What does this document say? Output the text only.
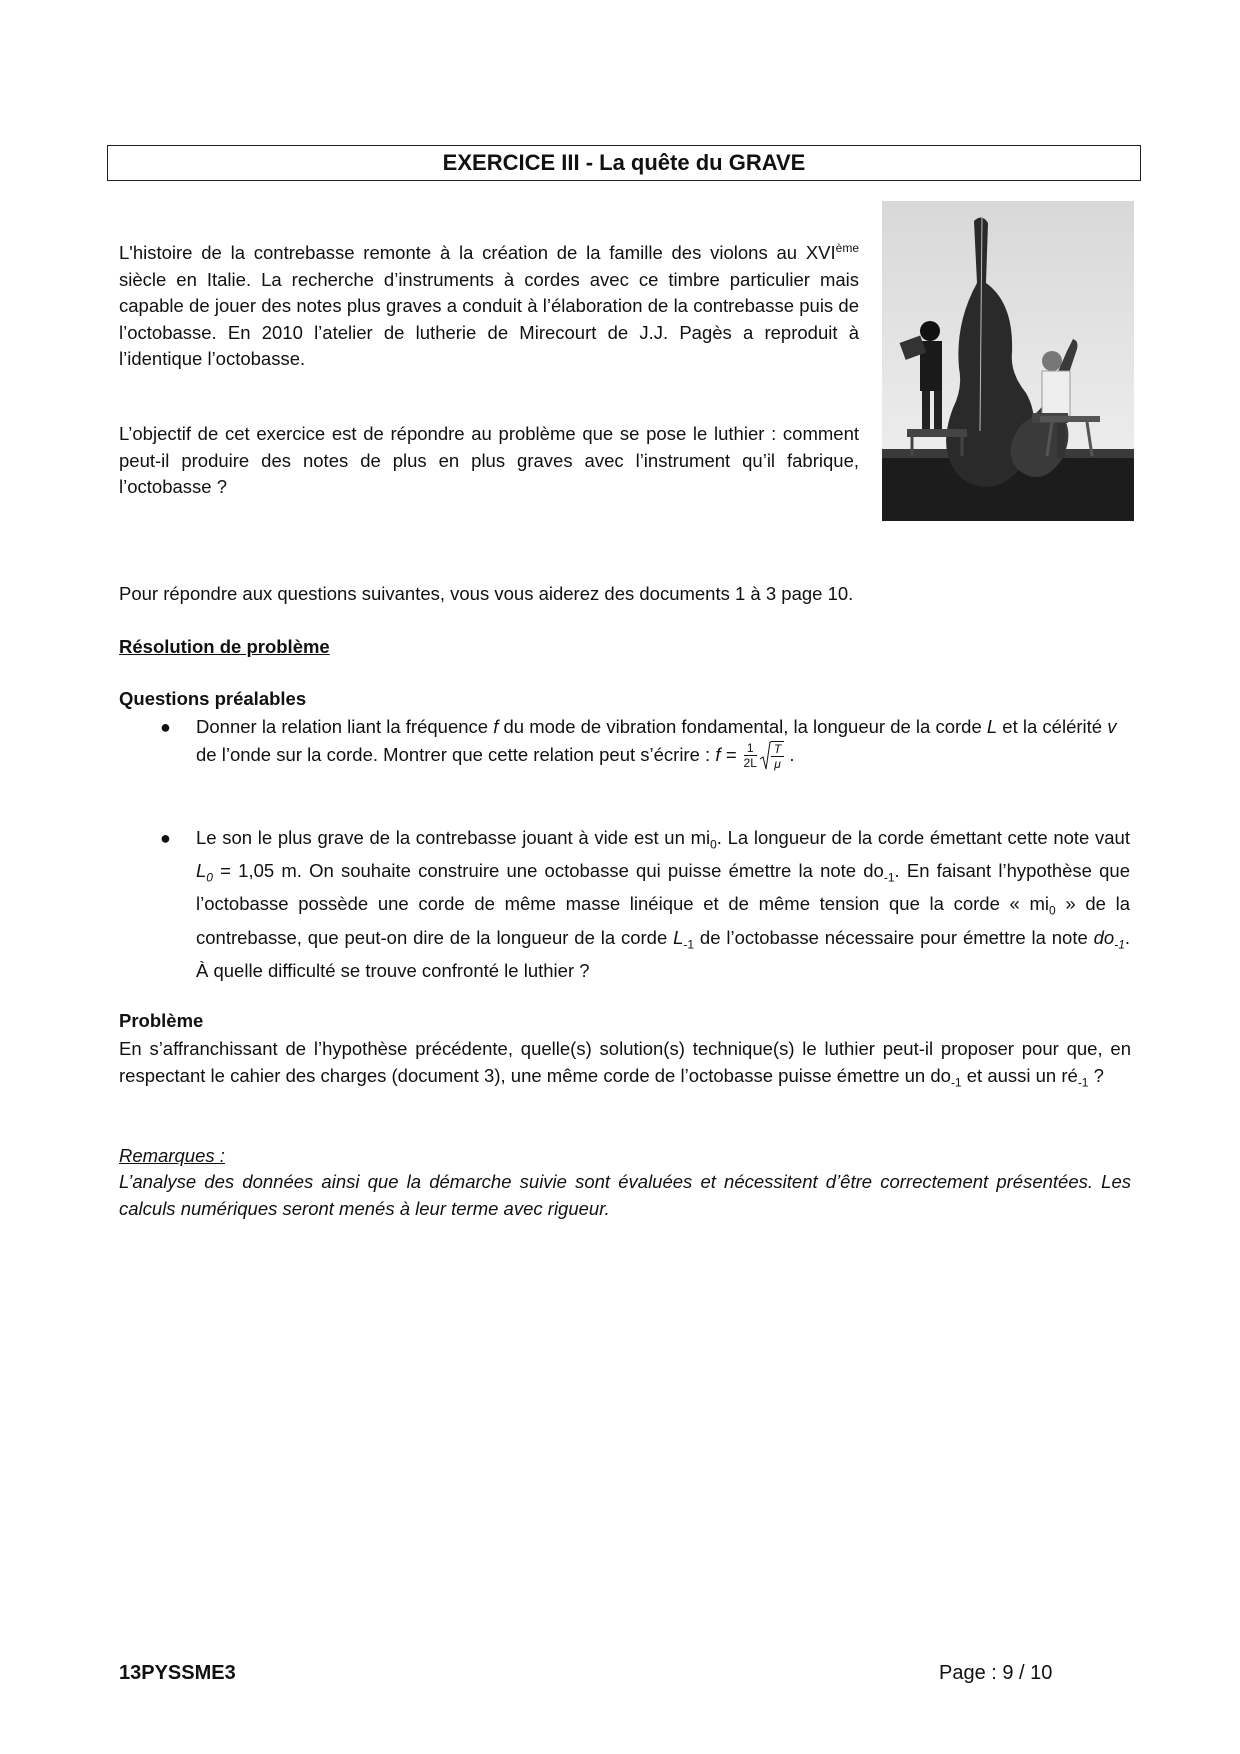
EXERCICE III - La quête du GRAVE

L'histoire de la contrebasse remonte à la création de la famille des violons au XVIème siècle en Italie. La recherche d’instruments à cordes avec ce timbre particulier mais capable de jouer des notes plus graves a conduit à l’élaboration de la contrebasse puis de l’octobasse. En 2010 l’atelier de lutherie de Mirecourt de J.J. Pagès a reproduit à l’identique l’octobasse.

L’objectif de cet exercice est de répondre au problème que se pose le luthier : comment peut-il produire des notes de plus en plus graves avec l’instrument qu’il fabrique, l’octobasse ?

Pour répondre aux questions suivantes, vous vous aiderez des documents 1 à 3 page 10.

Résolution de problème

Questions préalables

● Donner la relation liant la fréquence f du mode de vibration fondamental, la longueur de la corde L et la célérité v de l’onde sur la corde. Montrer que cette relation peut s’écrire : $f = \frac{1}{2L} \frac{T}{\mu}$ .

● Le son le plus grave de la contrebasse jouant à vide est un $mi_0$. La longueur de la corde émettant cette note vaut $L_0 = 1,05$ m. On souhaite construire une octobasse qui puisse émettre la note $do_{-1}$. En faisant l’hypothèse que l’octobasse possède une corde de même masse linéique et de même tension que la corde « $mi_0$ » de la contrebasse, que peut-on dire de la longueur de la corde $L_{-1}$ de l’octobasse nécessaire pour émettre la note $do_{-1}$. À quelle difficulté se trouve confronté le luthier ?

Problème

En s’affranchissant de l’hypothèse précédente, quelle(s) solution(s) technique(s) le luthier peut-il proposer pour que, en respectant le cahier des charges (document 3), une même corde de l’octobasse puisse émettre un $do_{-1}$ et aussi un $ré_{-1}$ ?

Remarques :

L’analyse des données ainsi que la démarche suivie sont évaluées et nécessitent d’être correctement présentées. Les calculs numériques seront menés à leur terme avec rigueur.

13PYSSME3	Page : 9 / 10
